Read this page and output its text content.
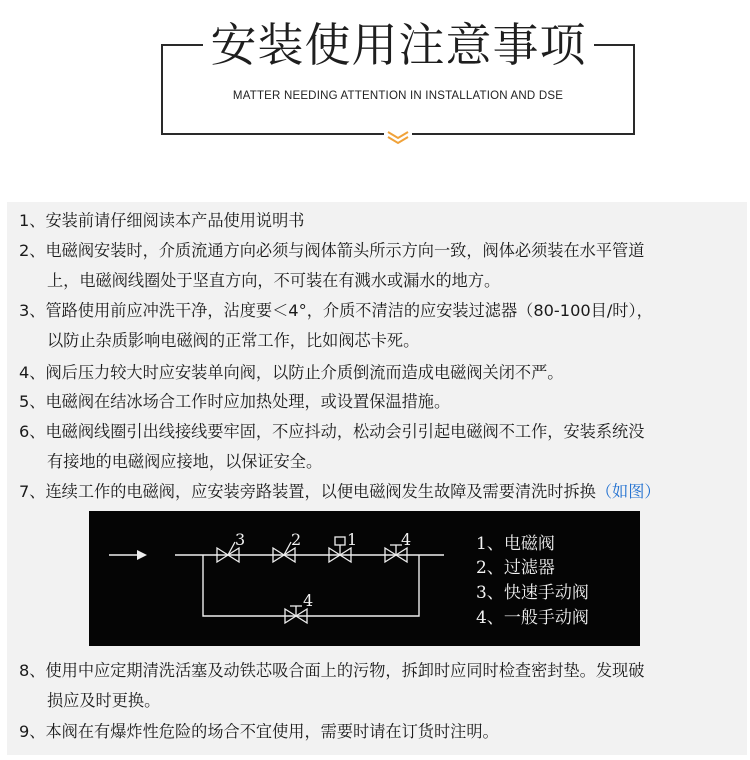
安装使用注意事项
MATTER NEEDING ATTENTION IN INSTALLATION AND DSE
1、安装前请仔细阅读本产品使用说明书
2、电磁阀安装时，介质流通方向必须与阀体箭头所示方向一致，阀体必须装在水平管道
上，电磁阀线圈处于坚直方向，不可装在有溅水或漏水的地方。
3、管路使用前应冲洗干净，沾度要＜4°，介质不清洁的应安装过滤器（80-100目/时），
以防止杂质影响电磁阀的正常工作，比如阀芯卡死。
4、阀后压力较大时应安装单向阀，以防止介质倒流而造成电磁阀关闭不严。
5、电磁阀在结冰场合工作时应加热处理，或设置保温措施。
6、电磁阀线圈引出线接线要牢固，不应抖动，松动会引引起电磁阀不工作，安装系统没
有接地的电磁阀应接地，以保证安全。
7、连续工作的电磁阀，应安装旁路装置，以便电磁阀发生故障及需要清洗时拆换（如图）
8、使用中应定期清洗活塞及动铁芯吸合面上的污物，拆卸时应同时检查密封垫。发现破
损应及时更换。
9、本阀在有爆炸性危险的场合不宜使用，需要时请在订货时注明。
3	2	1	4
4
1、电磁阀
2、过滤器
3、快速手动阀
4、一般手动阀
